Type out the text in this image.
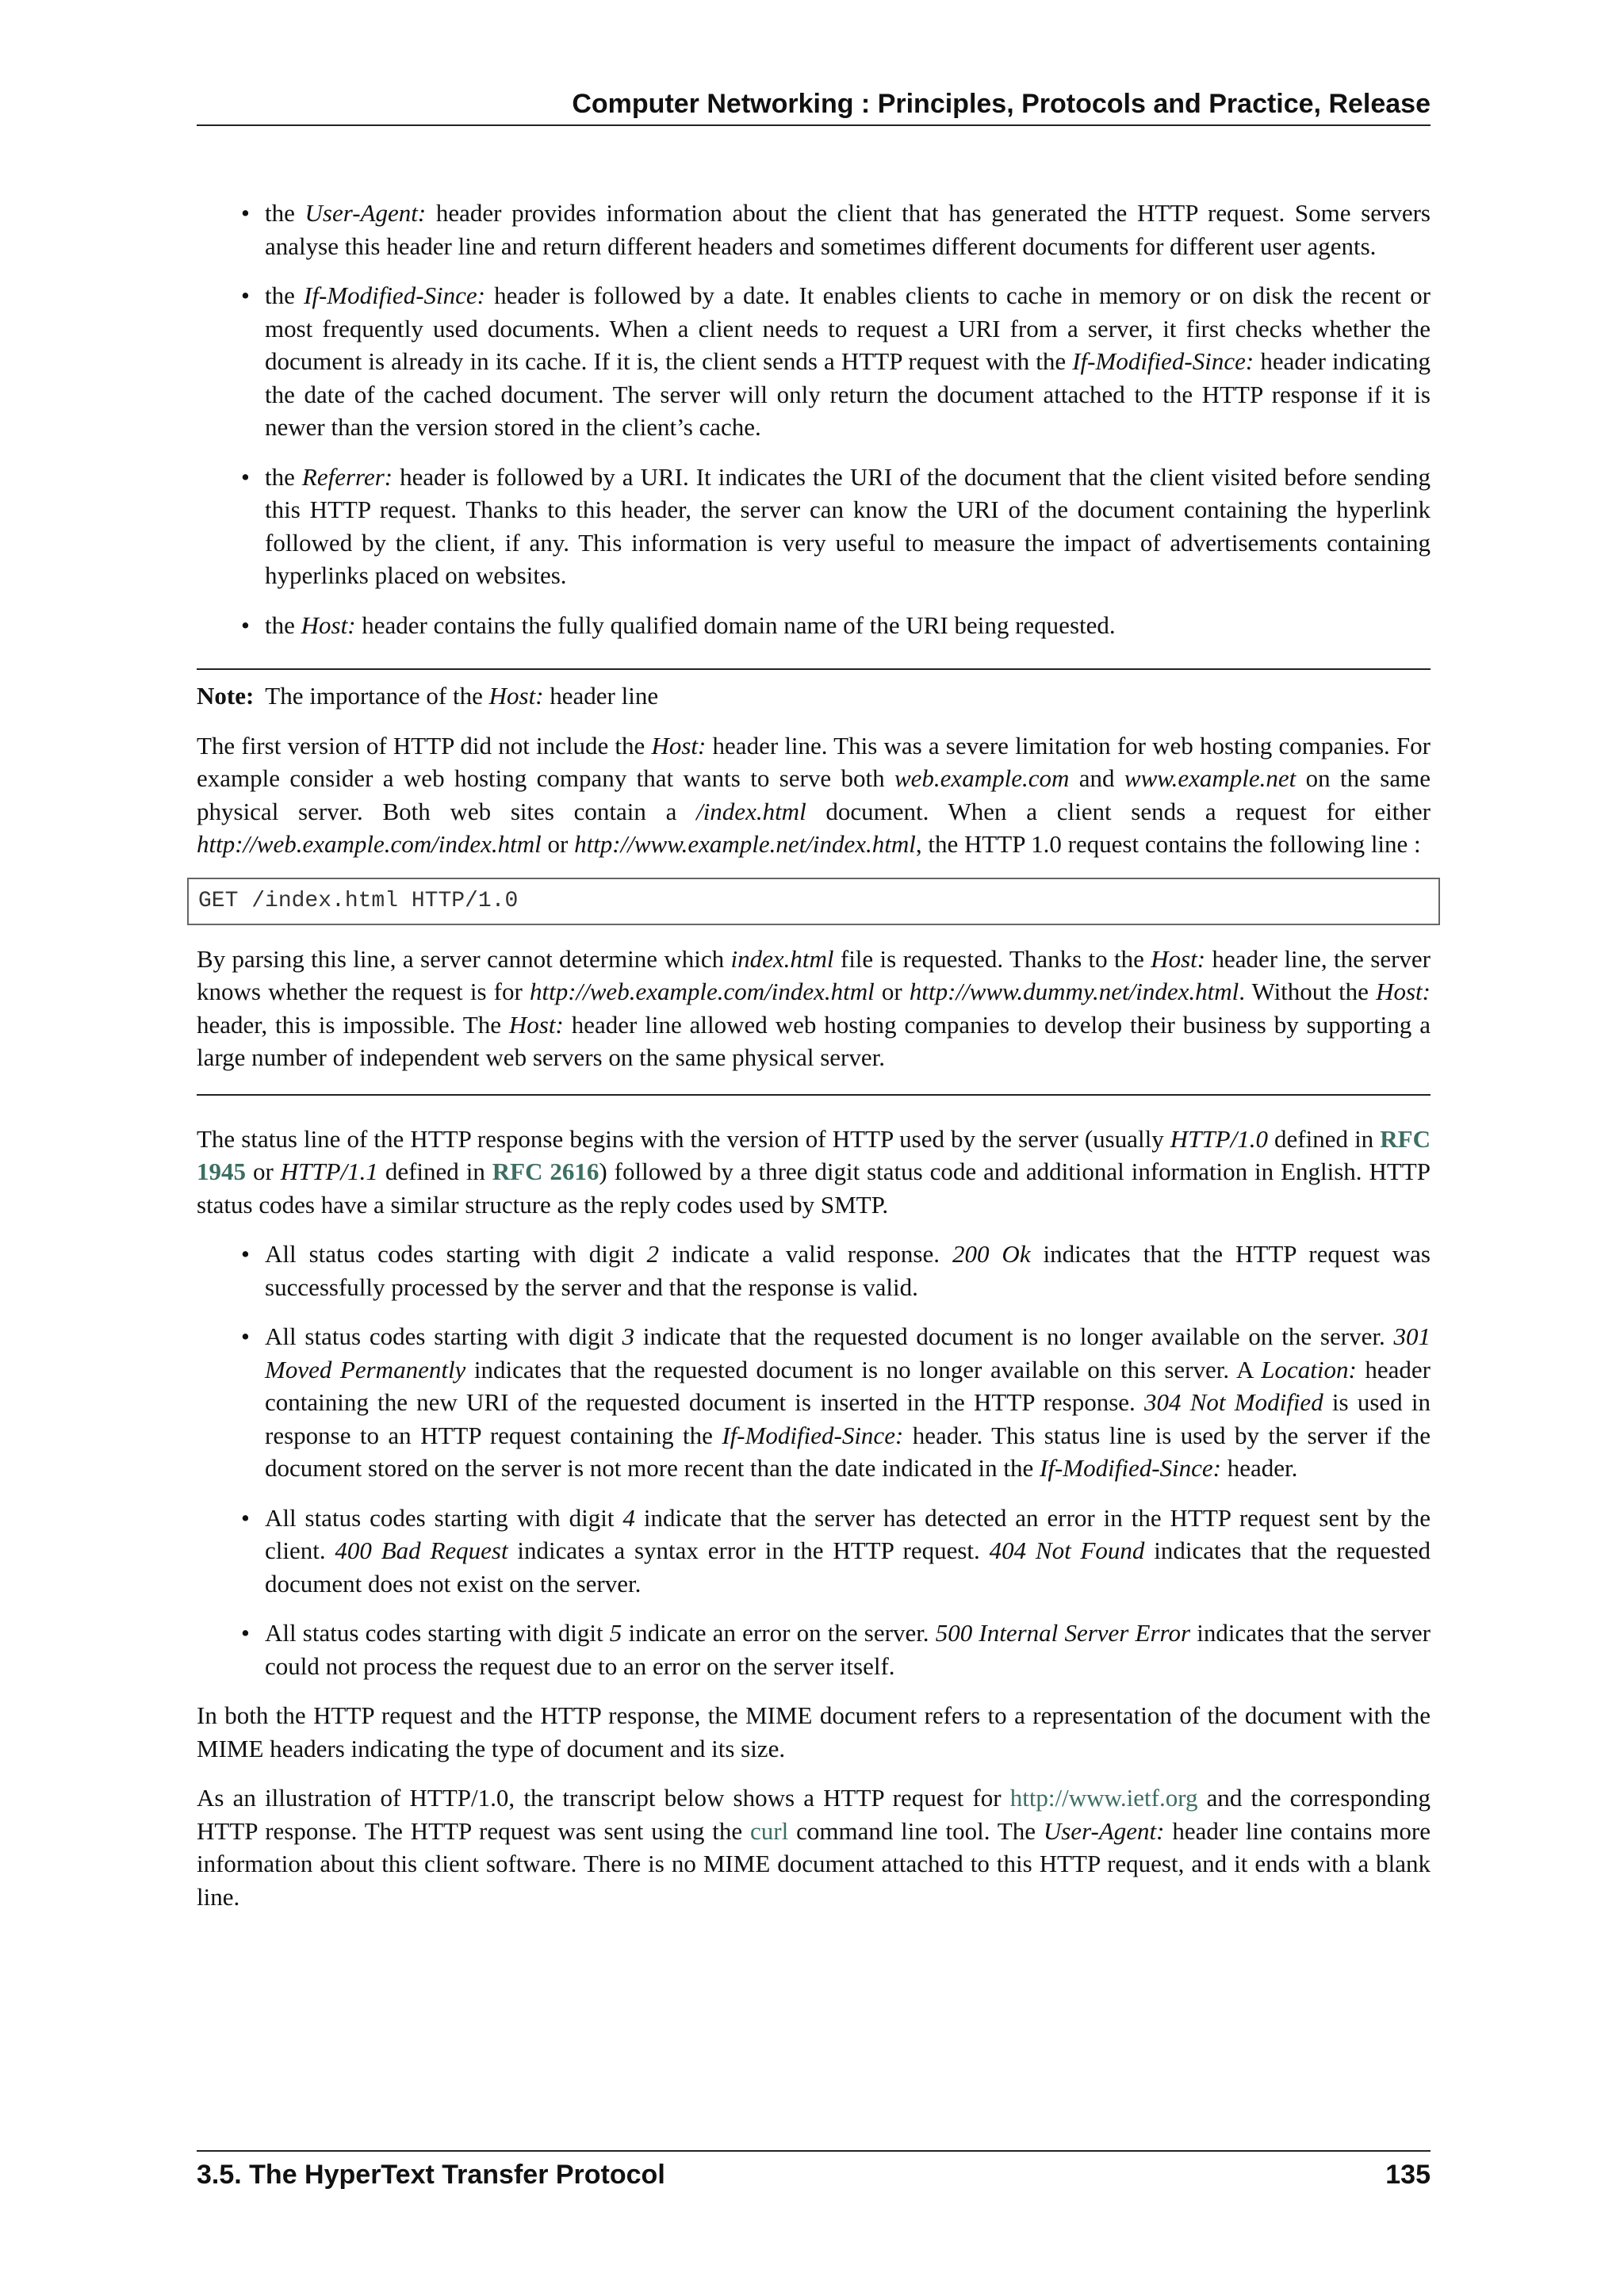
Computer Networking : Principles, Protocols and Practice, Release
• the User-Agent: header provides information about the client that has generated the HTTP request. Some servers analyse this header line and return different headers and sometimes different documents for different user agents.
• the If-Modified-Since: header is followed by a date. It enables clients to cache in memory or on disk the recent or most frequently used documents. When a client needs to request a URI from a server, it first checks whether the document is already in its cache. If it is, the client sends a HTTP request with the If-Modified-Since: header indicating the date of the cached document. The server will only return the document attached to the HTTP response if it is newer than the version stored in the client’s cache.
• the Referrer: header is followed by a URI. It indicates the URI of the document that the client visited before sending this HTTP request. Thanks to this header, the server can know the URI of the document containing the hyperlink followed by the client, if any. This information is very useful to measure the impact of advertisements containing hyperlinks placed on websites.
• the Host: header contains the fully qualified domain name of the URI being requested.
Note: The importance of the Host: header line

The first version of HTTP did not include the Host: header line. This was a severe limitation for web hosting companies. For example consider a web hosting company that wants to serve both web.example.com and www.example.net on the same physical server. Both web sites contain a /index.html document. When a client sends a request for either http://web.example.com/index.html or http://www.example.net/index.html, the HTTP 1.0 request contains the following line :

GET /index.html HTTP/1.0

By parsing this line, a server cannot determine which index.html file is requested. Thanks to the Host: header line, the server knows whether the request is for http://web.example.com/index.html or http://www.dummy.net/index.html. Without the Host: header, this is impossible. The Host: header line allowed web hosting companies to develop their business by supporting a large number of independent web servers on the same physical server.

The status line of the HTTP response begins with the version of HTTP used by the server (usually HTTP/1.0 defined in RFC 1945 or HTTP/1.1 defined in RFC 2616) followed by a three digit status code and additional information in English. HTTP status codes have a similar structure as the reply codes used by SMTP.

• All status codes starting with digit 2 indicate a valid response. 200 Ok indicates that the HTTP request was successfully processed by the server and that the response is valid.
• All status codes starting with digit 3 indicate that the requested document is no longer available on the server. 301 Moved Permanently indicates that the requested document is no longer available on this server. A Location: header containing the new URI of the requested document is inserted in the HTTP response. 304 Not Modified is used in response to an HTTP request containing the If-Modified-Since: header. This status line is used by the server if the document stored on the server is not more recent than the date indicated in the If-Modified-Since: header.
• All status codes starting with digit 4 indicate that the server has detected an error in the HTTP request sent by the client. 400 Bad Request indicates a syntax error in the HTTP request. 404 Not Found indicates that the requested document does not exist on the server.
• All status codes starting with digit 5 indicate an error on the server. 500 Internal Server Error indicates that the server could not process the request due to an error on the server itself.

In both the HTTP request and the HTTP response, the MIME document refers to a representation of the document with the MIME headers indicating the type of document and its size.

As an illustration of HTTP/1.0, the transcript below shows a HTTP request for http://www.ietf.org and the corresponding HTTP response. The HTTP request was sent using the curl command line tool. The User-Agent: header line contains more information about this client software. There is no MIME document attached to this HTTP request, and it ends with a blank line.

3.5. The HyperText Transfer Protocol	135
